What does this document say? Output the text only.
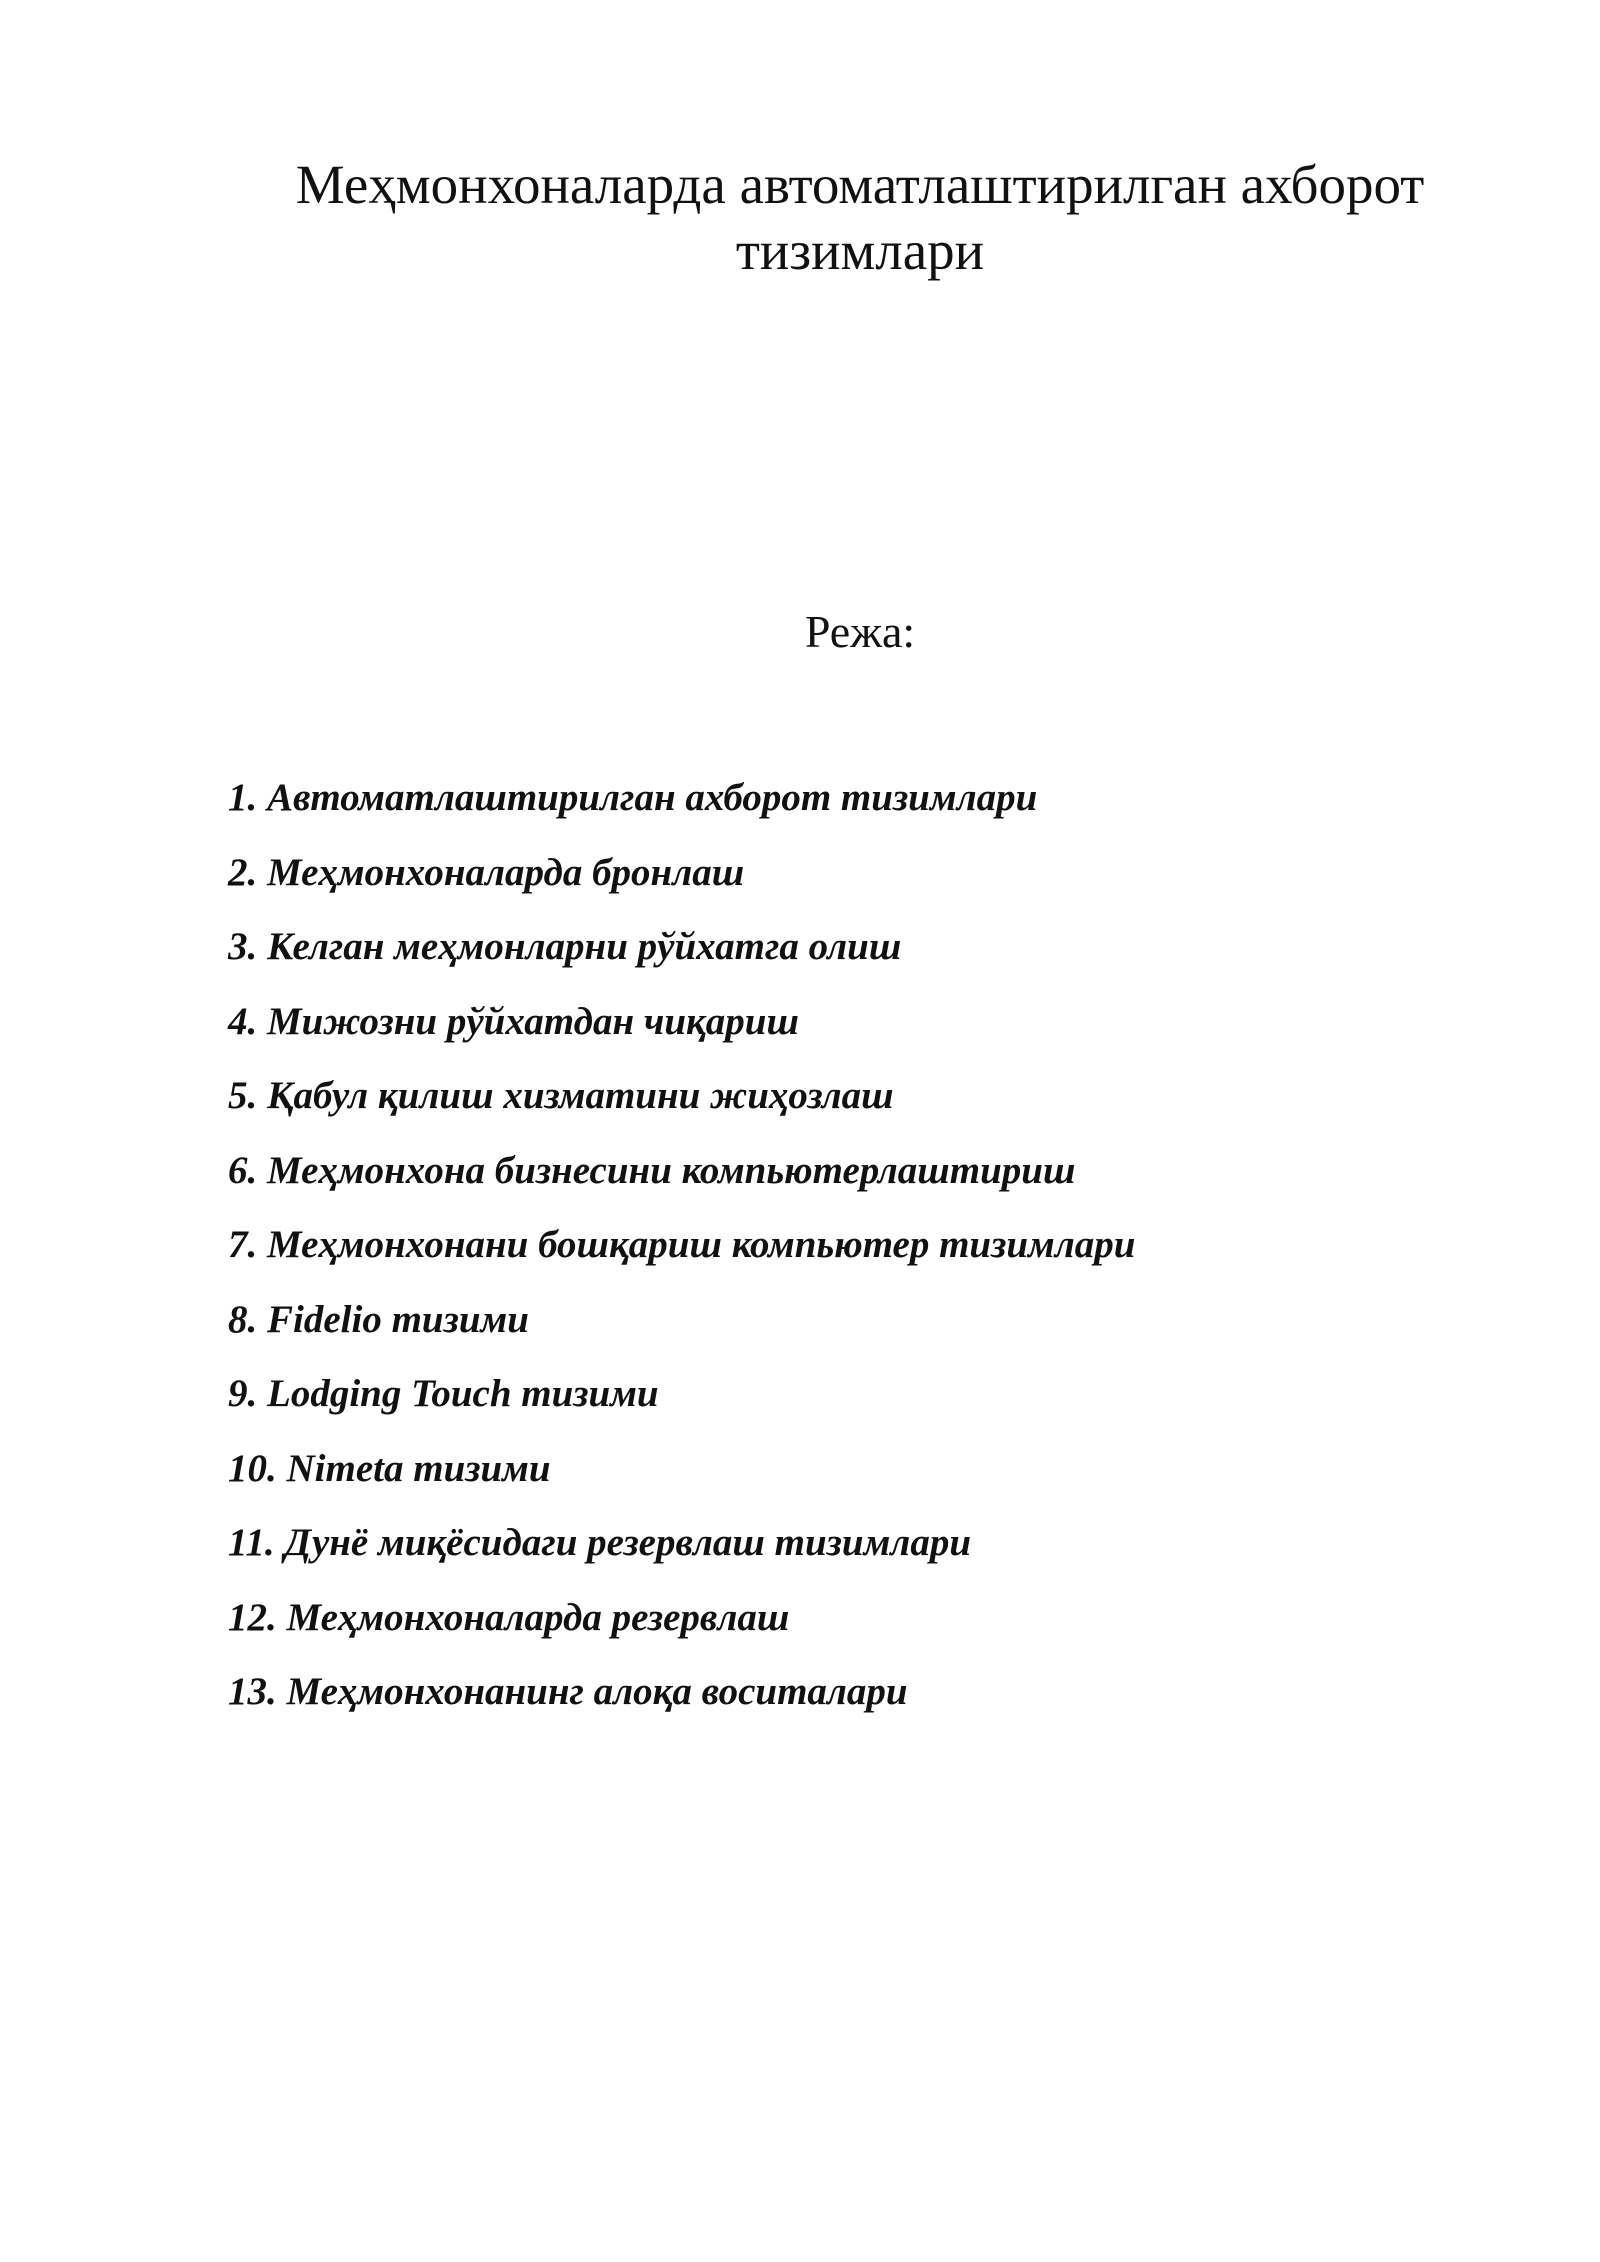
Меҳмонхоналарда автоматлаштирилган ахборот тизимлари
Режа:
1. Автоматлаштирилган ахборот тизимлари
2. Меҳмонхоналарда бронлаш
3. Келган меҳмонларни рўйхатга олиш
4. Мижозни рўйхатдан чиқариш
5. Қабул қилиш хизматини жиҳозлаш
6. Меҳмонхона бизнесини компьютерлаштириш
7. Меҳмонхонани бошқариш компьютер тизимлари
8. Fidelio тизими
9. Lodging Touch тизими
10. Nimeta тизими
11. Дунё миқёсидаги резервлаш тизимлари
12. Меҳмонхоналарда резервлаш
13. Меҳмонхонанинг алоқа воситалари
